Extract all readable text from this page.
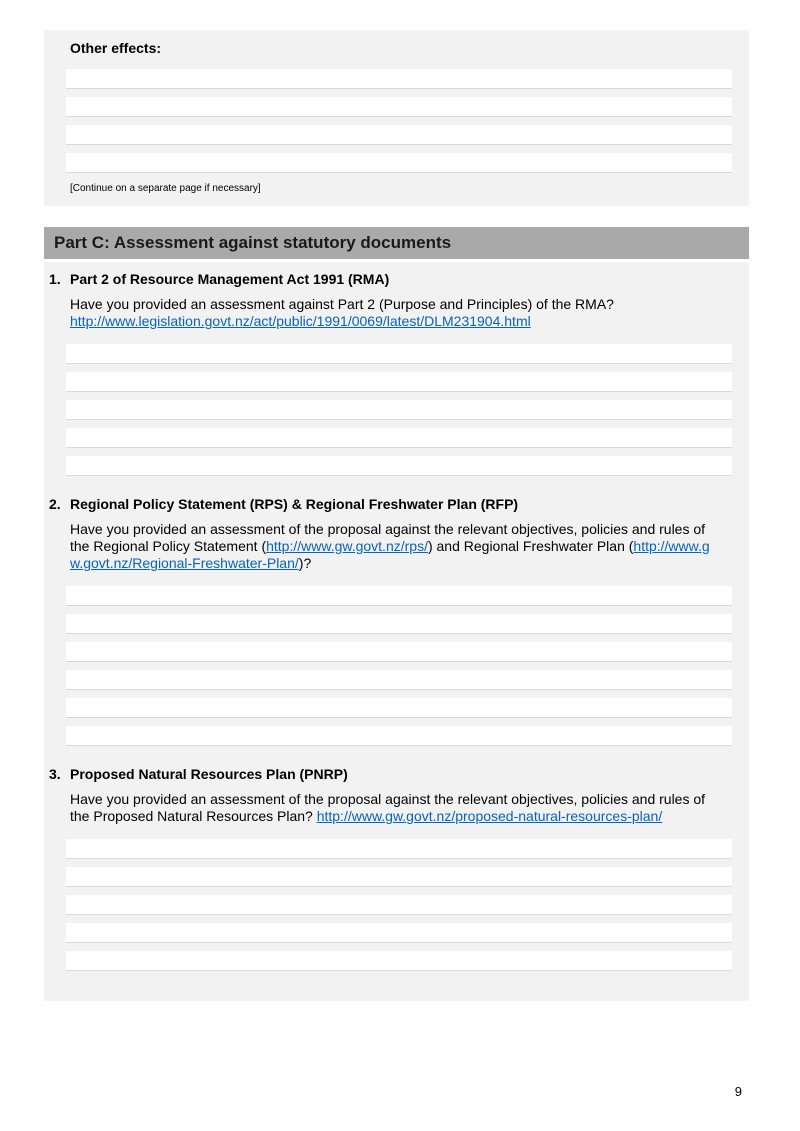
Other effects:
[Continue on a separate page if necessary]
Part C: Assessment against statutory documents
1. Part 2 of Resource Management Act 1991 (RMA)

Have you provided an assessment against Part 2 (Purpose and Principles) of the RMA?
http://www.legislation.govt.nz/act/public/1991/0069/latest/DLM231904.html

2. Regional Policy Statement (RPS) & Regional Freshwater Plan (RFP)

Have you provided an assessment of the proposal against the relevant objectives, policies and rules of the Regional Policy Statement (http://www.gw.govt.nz/rps/) and Regional Freshwater Plan (http://www.gw.govt.nz/Regional-Freshwater-Plan/)?

3. Proposed Natural Resources Plan (PNRP)

Have you provided an assessment of the proposal against the relevant objectives, policies and rules of the Proposed Natural Resources Plan? http://www.gw.govt.nz/proposed-natural-resources-plan/

9
